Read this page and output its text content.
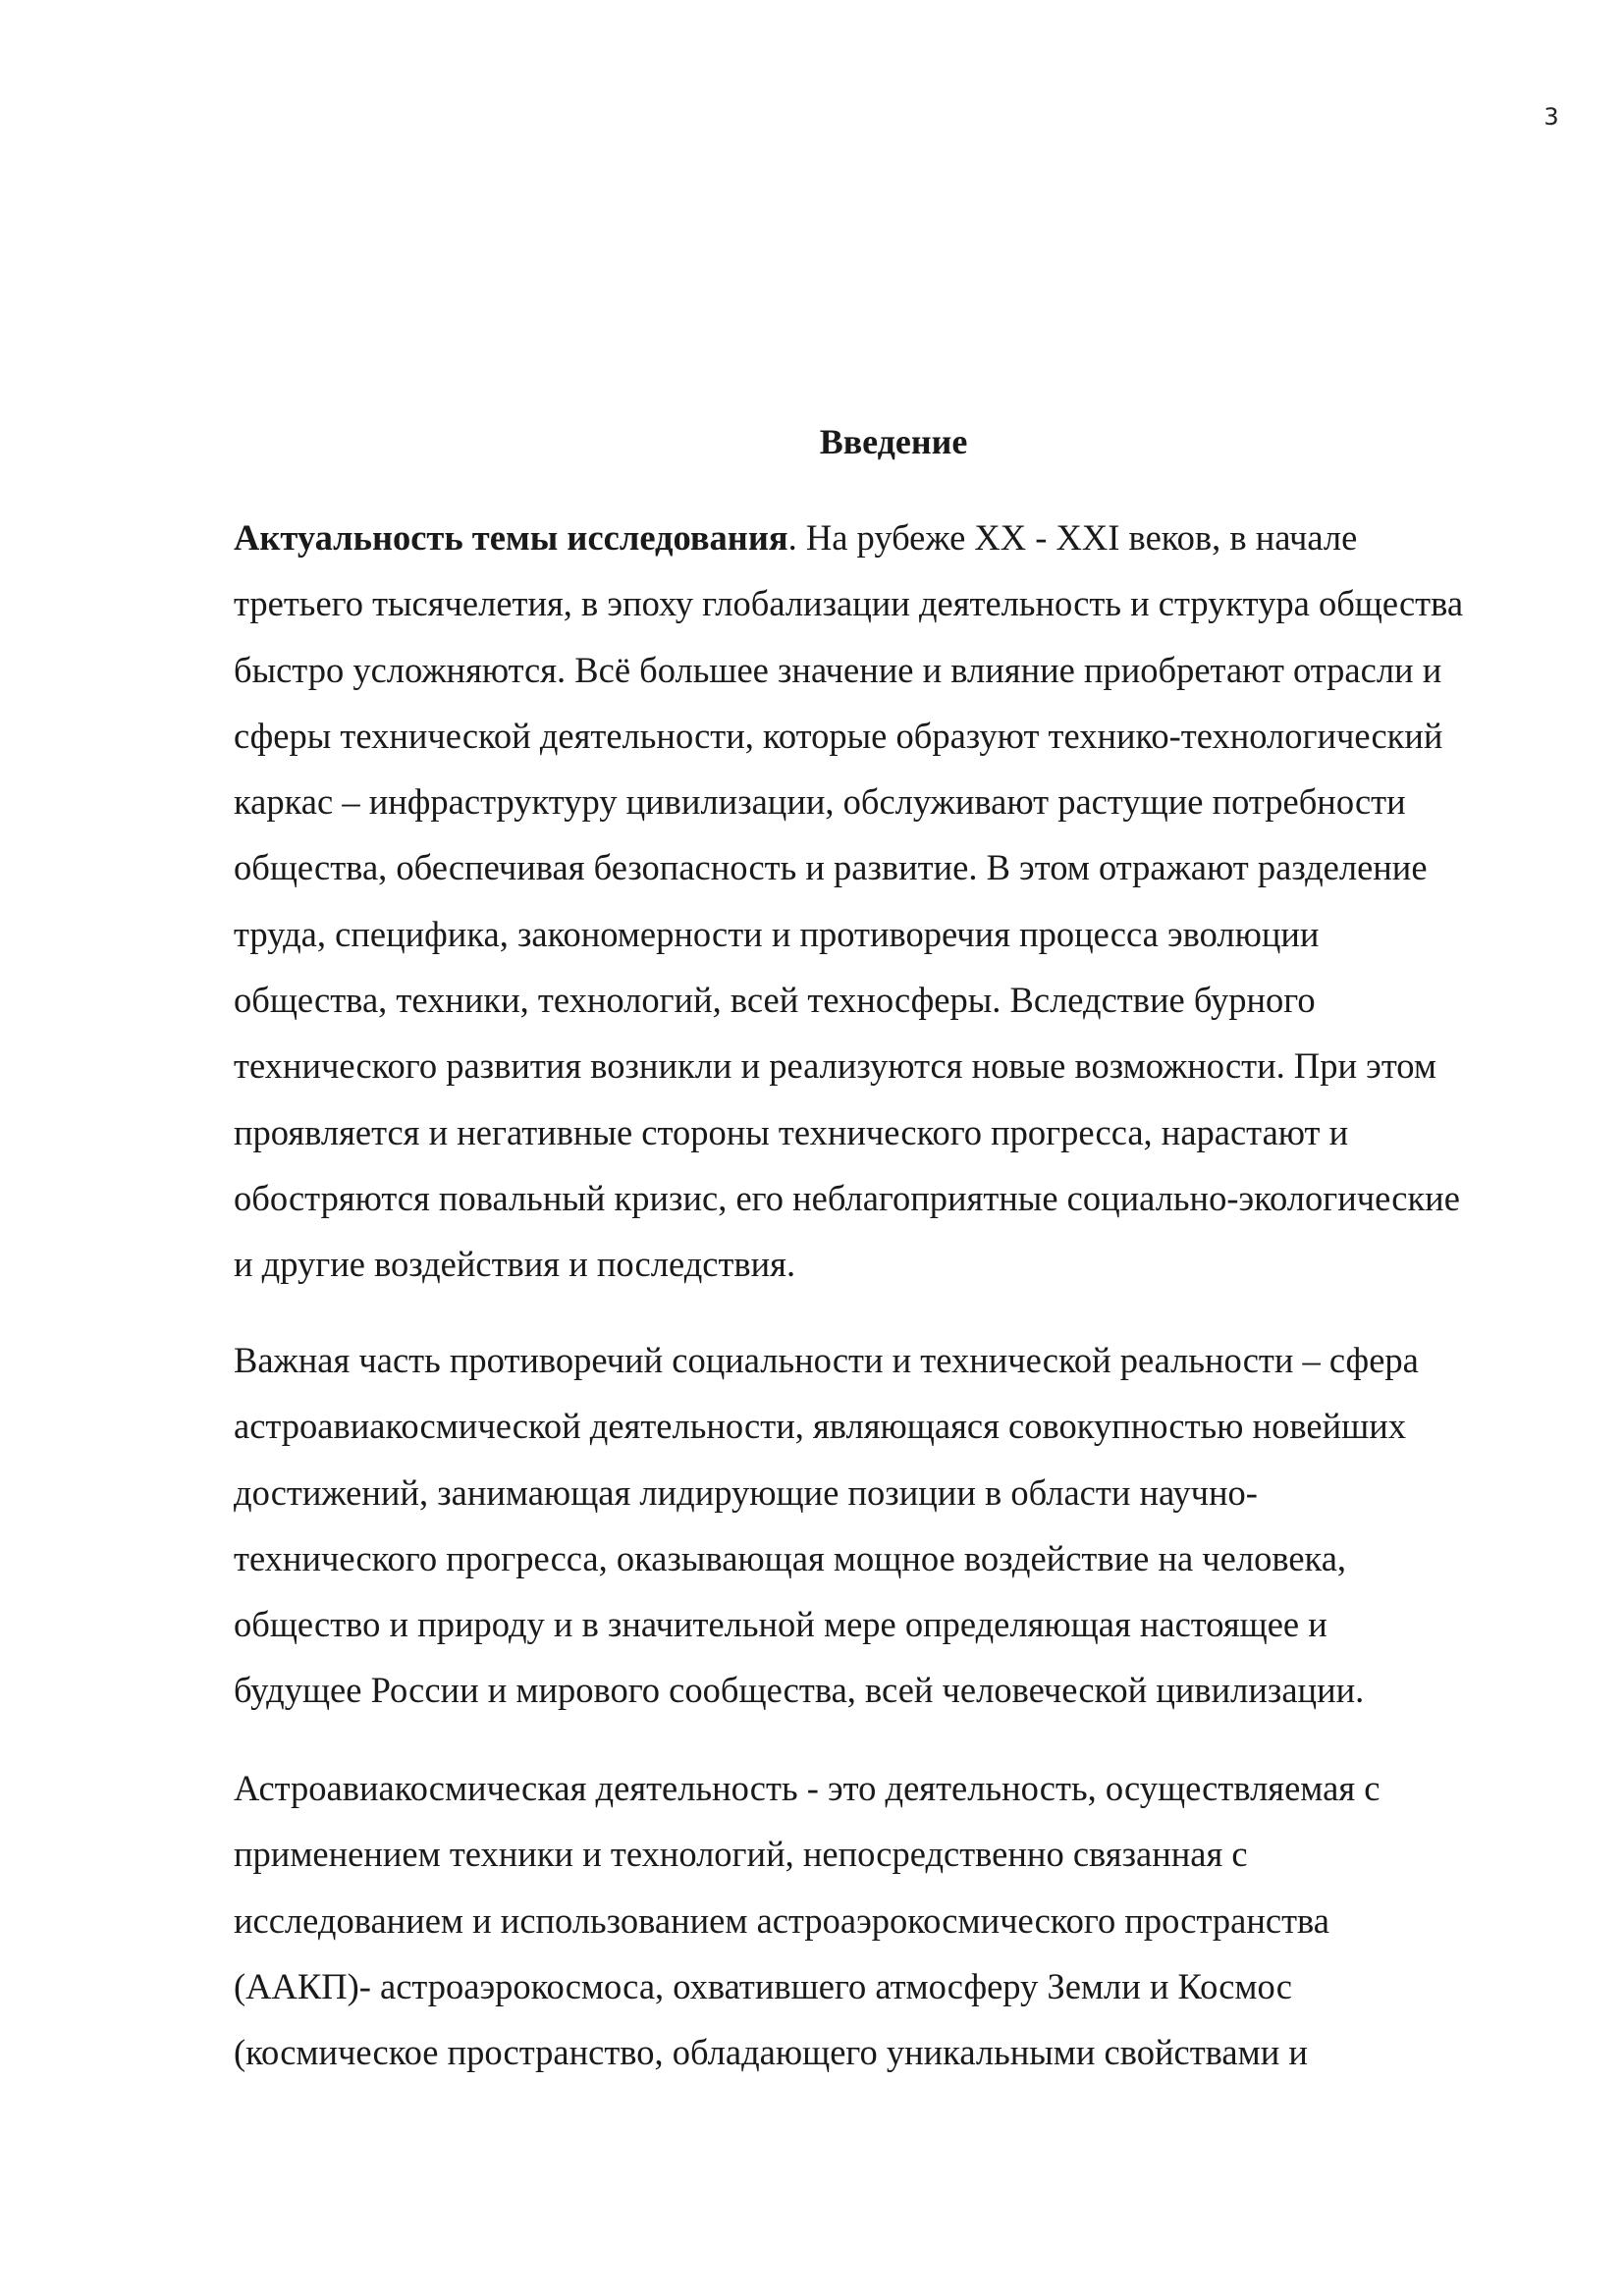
3
Введение

Актуальность темы исследования. На рубеже XX - XXI веков, в начале
третьего тысячелетия, в эпоху глобализации деятельность и структура общества
быстро усложняются. Всё большее значение и влияние приобретают отрасли и
сферы технической деятельности, которые образуют технико-технологический
каркас – инфраструктуру цивилизации, обслуживают растущие потребности
общества, обеспечивая безопасность и развитие. В этом отражают разделение
труда, специфика, закономерности и противоречия процесса эволюции
общества, техники, технологий, всей техносферы. Вследствие бурного
технического развития возникли и реализуются новые возможности. При этом
проявляется и негативные стороны технического прогресса, нарастают и
обостряются повальный кризис, его неблагоприятные социально-экологические
и другие воздействия и последствия.

Важная часть противоречий социальности и технической реальности – сфера
астроавиакосмической деятельности, являющаяся совокупностью новейших
достижений, занимающая лидирующие позиции в области научно-
технического прогресса, оказывающая мощное воздействие на человека,
общество и природу и в значительной мере определяющая настоящее и
будущее России и мирового сообщества, всей человеческой цивилизации.

Астроавиакосмическая деятельность - это деятельность, осуществляемая с
применением техники и технологий, непосредственно связанная с
исследованием и использованием астроаэрокосмического пространства
(ААКП)- астроаэрокосмоса, охватившего атмосферу Земли и Космос
(космическое пространство, обладающего уникальными свойствами и
